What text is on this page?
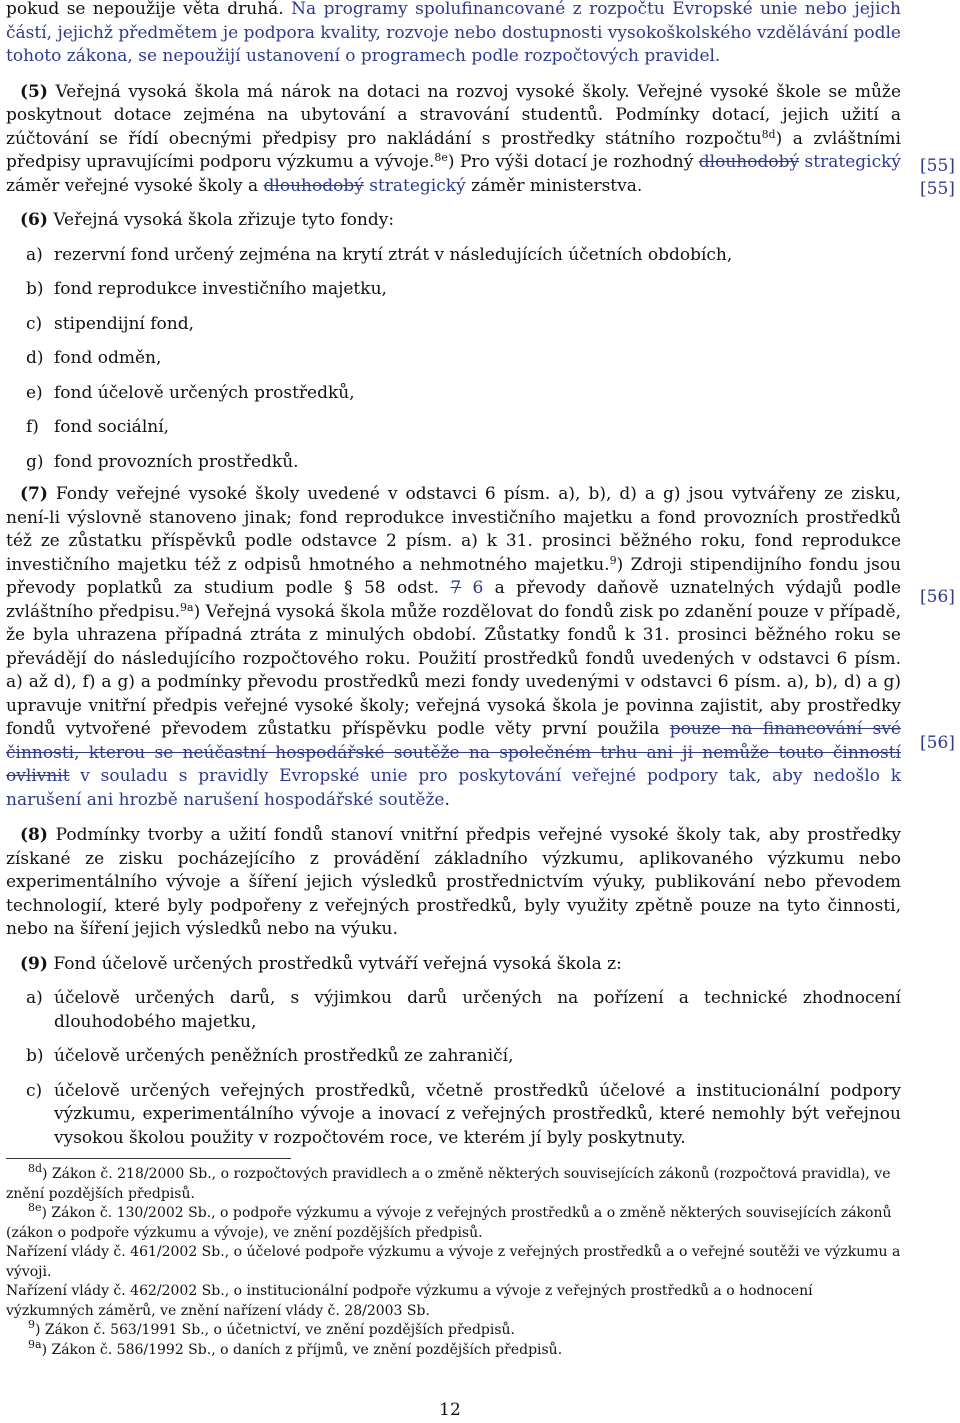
pokud se nepoužije věta druhá. Na programy spolufinancované z rozpočtu Evropské unie nebo jejich částí, jejichž předmětem je podpora kvality, rozvoje nebo dostupnosti vysokoškolského vzdělávání podle tohoto zákona, se nepoužijí ustanovení o programech podle rozpočtových pravidel.

(5) Veřejná vysoká škola má nárok na dotaci na rozvoj vysoké školy. Veřejné vysoké škole se může poskytnout dotace zejména na ubytování a stravování studentů. Podmínky dotací, jejich užití a zúčtování se řídí obecnými předpisy pro nakládání s prostředky státního rozpočtu$^{8d}$) a zvláštními předpisy upravujícími podporu výzkumu a vývoje.$^{8e}$) Pro výši dotací je rozhodný dlouhodobý strategický záměr veřejné vysoké školy a dlouhodobý strategický záměr ministerstva.

(6) Veřejná vysoká škola zřizuje tyto fondy:

a) rezervní fond určený zejména na krytí ztrát v následujících účetních obdobích,
b) fond reprodukce investičního majetku,
c) stipendijní fond,
d) fond odměn,
e) fond účelově určených prostředků,
f) fond sociální,
g) fond provozních prostředků.

(7) Fondy veřejné vysoké školy uvedené v odstavci 6 písm. a), b), d) a g) jsou vytvářeny ze zisku, není-li výslovně stanoveno jinak; fond reprodukce investičního majetku a fond provozních prostředků též ze zůstatku příspěvků podle odstavce 2 písm. a) k 31. prosinci běžného roku, fond reprodukce investičního majetku též z odpisů hmotného a nehmotného majetku.$^9$) Zdroji stipendijního fondu jsou převody poplatků za studium podle § 58 odst. 7 6 a převody daňově uznatelných výdajů podle zvláštního předpisu.$^{9a}$) Veřejná vysoká škola může rozdělovat do fondů zisk po zdanění pouze v případě, že byla uhrazena případná ztráta z minulých období. Zůstatky fondů k 31. prosinci běžného roku se převádějí do následujícího rozpočtového roku. Použití prostředků fondů uvedených v odstavci 6 písm. a) až d), f) a g) a podmínky převodu prostředků mezi fondy uvedenými v odstavci 6 písm. a), b), d) a g) upravuje vnitřní předpis veřejné vysoké školy; veřejná vysoká škola je povinna zajistit, aby prostředky fondů vytvořené převodem zůstatku příspěvku podle věty první použila pouze na financování své činnosti, kterou se neúčastní hospodářské soutěže na společném trhu ani ji nemůže touto činností ovlivnit v souladu s pravidly Evropské unie pro poskytování veřejné podpory tak, aby nedošlo k narušení ani hrozbě narušení hospodářské soutěže.

(8) Podmínky tvorby a užití fondů stanoví vnitřní předpis veřejné vysoké školy tak, aby prostředky získané ze zisku pocházejícího z provádění základního výzkumu, aplikovaného výzkumu nebo experimentálního vývoje a šíření jejich výsledků prostřednictvím výuky, publikování nebo převodem technologií, které byly podpořeny z veřejných prostředků, byly využity zpětně pouze na tyto činnosti, nebo na šíření jejich výsledků nebo na výuku.

(9) Fond účelově určených prostředků vytváří veřejná vysoká škola z:

a) účelově určených darů, s výjimkou darů určených na pořízení a technické zhodnocení dlouhodobého majetku,
b) účelově určených peněžních prostředků ze zahraničí,
c) účelově určených veřejných prostředků, včetně prostředků účelové a institucionální podpory výzkumu, experimentálního vývoje a inovací z veřejných prostředků, které nemohly být veřejnou vysokou školou použity v rozpočtovém roce, ve kterém jí byly poskytnuty.

$^{8d}$) Zákon č. 218/2000 Sb., o rozpočtových pravidlech a o změně některých souvisejících zákonů (rozpočtová pravidla), ve znění pozdějších předpisů.

$^{8e}$) Zákon č. 130/2002 Sb., o podpoře výzkumu a vývoje z veřejných prostředků a o změně některých souvisejících zákonů (zákon o podpoře výzkumu a vývoje), ve znění pozdějších předpisů.

Nařízení vlády č. 461/2002 Sb., o účelové podpoře výzkumu a vývoje z veřejných prostředků a o veřejné soutěži ve výzkumu a vývoji.

Nařízení vlády č. 462/2002 Sb., o institucionální podpoře výzkumu a vývoje z veřejných prostředků a o hodnocení výzkumných záměrů, ve znění nařízení vlády č. 28/2003 Sb.

$^9$) Zákon č. 563/1991 Sb., o účetnictví, ve znění pozdějších předpisů.

$^{9a}$) Zákon č. 586/1992 Sb., o daních z příjmů, ve znění pozdějších předpisů.

[55]
[55]
[56]
[56]
12
